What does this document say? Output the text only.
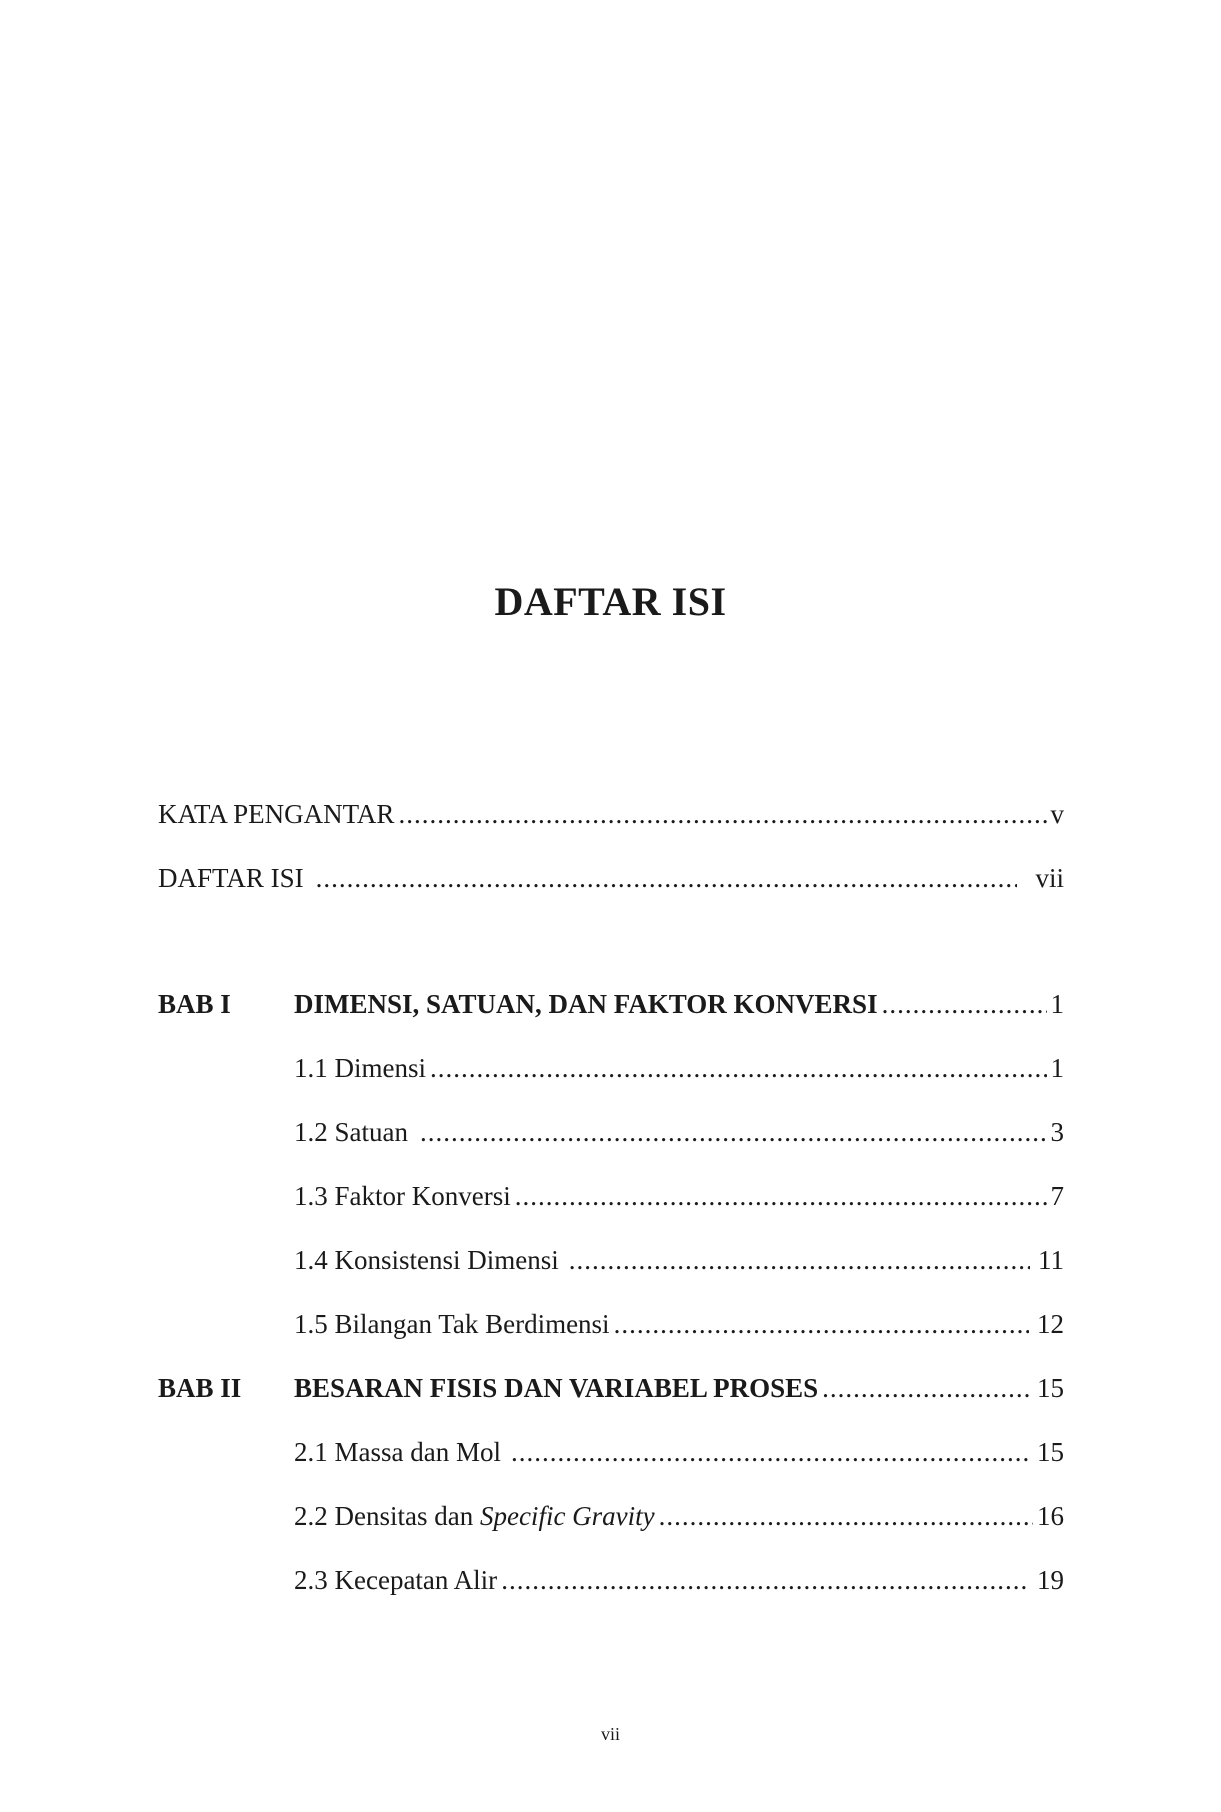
DAFTAR ISI
KATA PENGANTAR .....	v
DAFTAR ISI .....	vii
BAB I DIMENSI, SATUAN, DAN FAKTOR KONVERSI .....	1
1.1 Dimensi .....	1
1.2 Satuan .....	3
1.3 Faktor Konversi .....	7
1.4 Konsistensi Dimensi .....	11
1.5 Bilangan Tak Berdimensi .....	12
BAB II BESARAN FISIS DAN VARIABEL PROSES .....	15
2.1 Massa dan Mol .....	15
2.2 Densitas dan Specific Gravity .....	16
2.3 Kecepatan Alir .....	19
vii
